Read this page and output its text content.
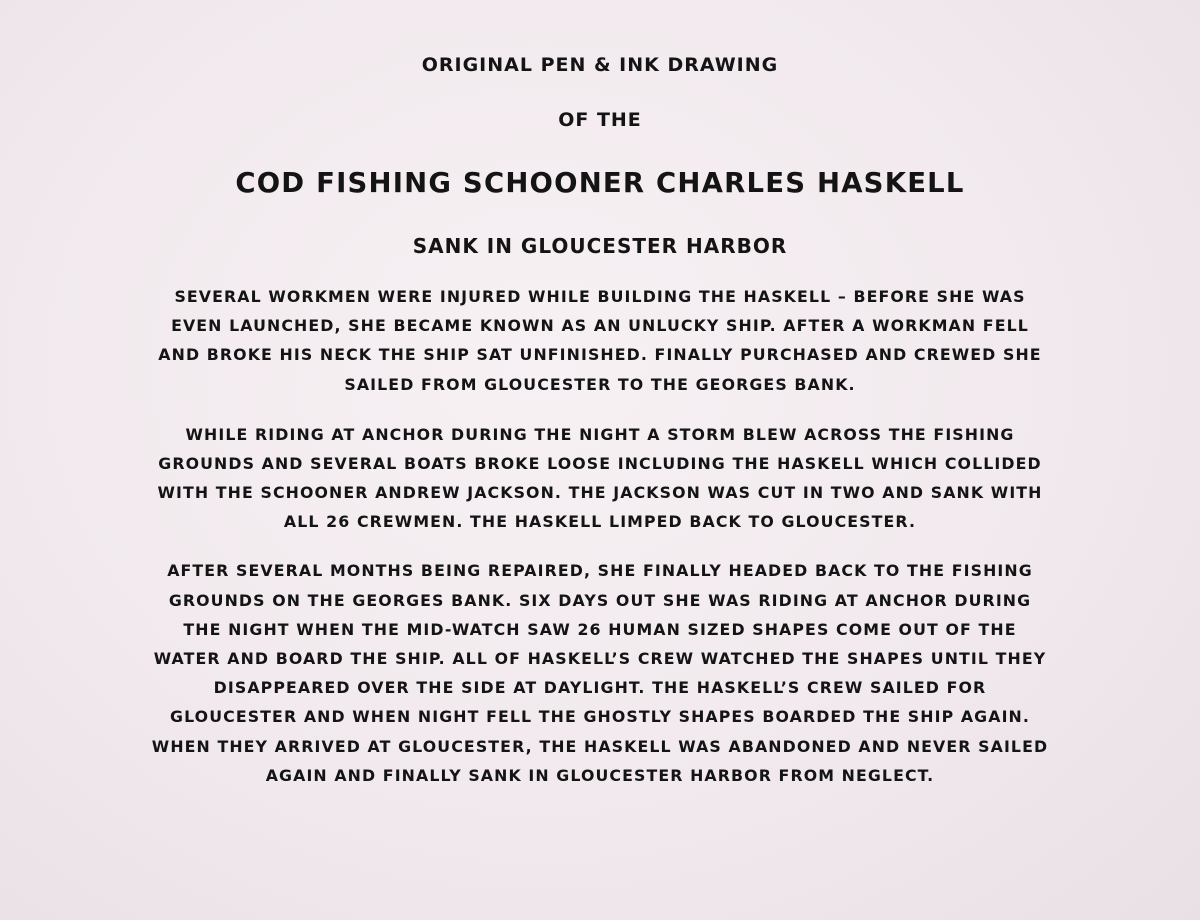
ORIGINAL PEN & INK DRAWING
OF THE
COD FISHING SCHOONER CHARLES HASKELL
SANK IN GLOUCESTER HARBOR
SEVERAL WORKMEN WERE INJURED WHILE BUILDING THE HASKELL – BEFORE SHE WAS
EVEN LAUNCHED, SHE BECAME KNOWN AS AN UNLUCKY SHIP. AFTER A WORKMAN FELL
AND BROKE HIS NECK THE SHIP SAT UNFINISHED. FINALLY PURCHASED AND CREWED SHE
SAILED FROM GLOUCESTER TO THE GEORGES BANK.
WHILE RIDING AT ANCHOR DURING THE NIGHT A STORM BLEW ACROSS THE FISHING
GROUNDS AND SEVERAL BOATS BROKE LOOSE INCLUDING THE HASKELL WHICH COLLIDED
WITH THE SCHOONER ANDREW JACKSON. THE JACKSON WAS CUT IN TWO AND SANK WITH
ALL 26 CREWMEN. THE HASKELL LIMPED BACK TO GLOUCESTER.
AFTER SEVERAL MONTHS BEING REPAIRED, SHE FINALLY HEADED BACK TO THE FISHING
GROUNDS ON THE GEORGES BANK. SIX DAYS OUT SHE WAS RIDING AT ANCHOR DURING
THE NIGHT WHEN THE MID-WATCH SAW 26 HUMAN SIZED SHAPES COME OUT OF THE
WATER AND BOARD THE SHIP. ALL OF HASKELL’S CREW WATCHED THE SHAPES UNTIL THEY
DISAPPEARED OVER THE SIDE AT DAYLIGHT. THE HASKELL’S CREW SAILED FOR
GLOUCESTER AND WHEN NIGHT FELL THE GHOSTLY SHAPES BOARDED THE SHIP AGAIN.
WHEN THEY ARRIVED AT GLOUCESTER, THE HASKELL WAS ABANDONED AND NEVER SAILED
AGAIN AND FINALLY SANK IN GLOUCESTER HARBOR FROM NEGLECT.
